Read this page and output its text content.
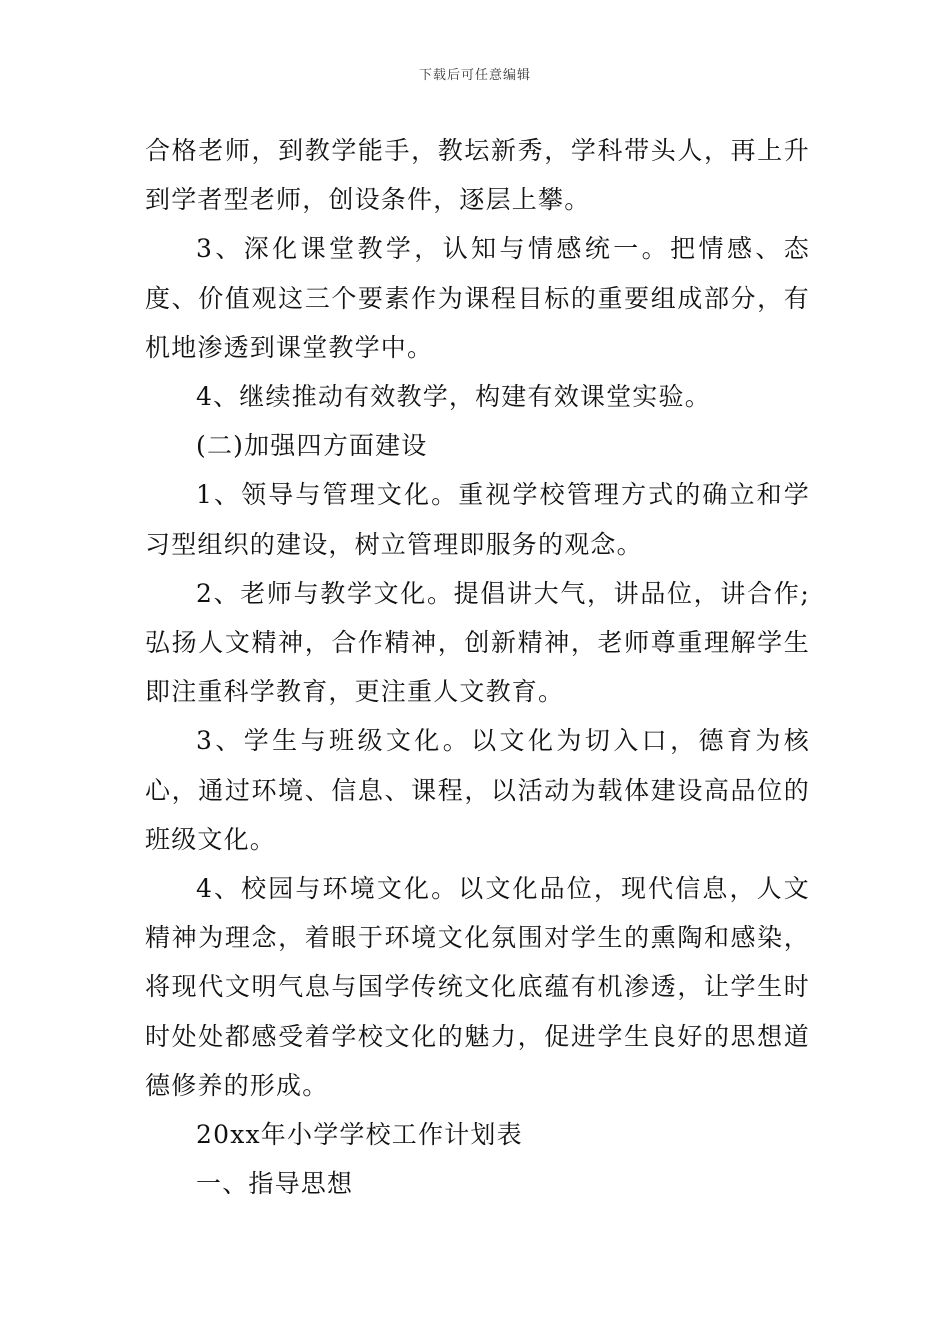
下载后可任意编辑

合格老师，到教学能手，教坛新秀，学科带头人，再上升到学者型老师，创设条件，逐层上攀。

3、深化课堂教学，认知与情感统一。把情感、态度、价值观这三个要素作为课程目标的重要组成部分，有机地渗透到课堂教学中。

4、继续推动有效教学，构建有效课堂实验。

(二)加强四方面建设

1、领导与管理文化。重视学校管理方式的确立和学习型组织的建设，树立管理即服务的观念。

2、老师与教学文化。提倡讲大气，讲品位，讲合作;弘扬人文精神，合作精神，创新精神，老师尊重理解学生即注重科学教育，更注重人文教育。

3、学生与班级文化。以文化为切入口，德育为核心，通过环境、信息、课程，以活动为载体建设高品位的班级文化。

4、校园与环境文化。以文化品位，现代信息，人文精神为理念，着眼于环境文化氛围对学生的熏陶和感染，将现代文明气息与国学传统文化底蕴有机渗透，让学生时时处处都感受着学校文化的魅力，促进学生良好的思想道德修养的形成。

20xx年小学学校工作计划表

一、指导思想
